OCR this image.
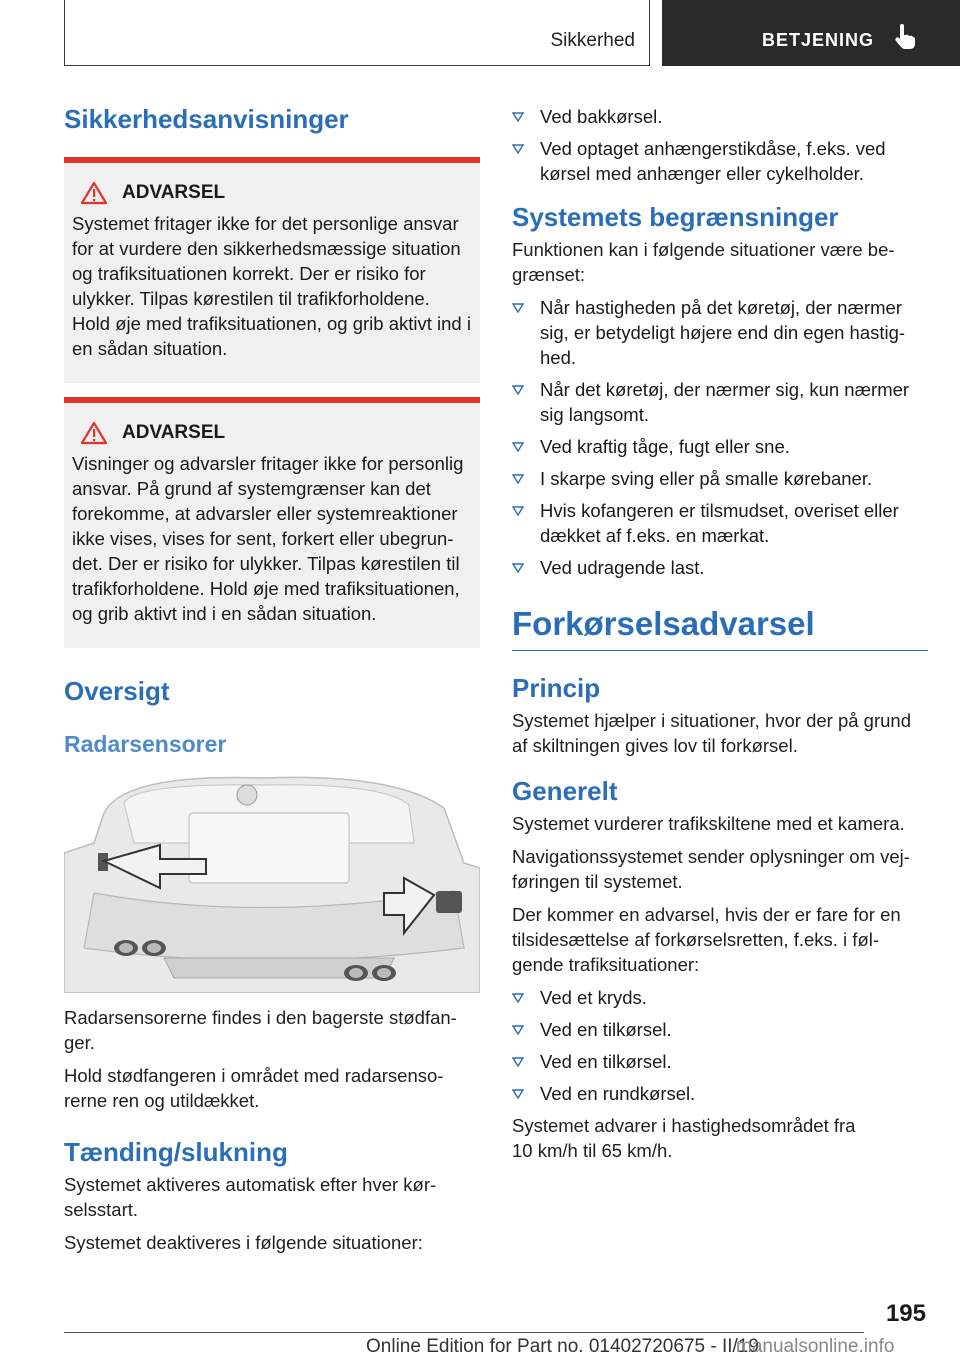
Sikkerhed	BETJENING
Sikkerhedsanvisninger
ADVARSEL

Systemet fritager ikke for det personlige ansvar for at vurdere den sikkerhedsmæssige situation og trafiksituationen korrekt. Der er risiko for ulykker. Tilpas kørestilen til trafikforholdene. Hold øje med trafiksituationen, og grib aktivt ind i en sådan situation.

ADVARSEL

Visninger og advarsler fritager ikke for personlig ansvar. På grund af systemgrænser kan det forekomme, at advarsler eller systemreaktioner ikke vises, vises for sent, forkert eller ubegrun-det. Der er risiko for ulykker. Tilpas kørestilen til trafikforholdene. Hold øje med trafiksituationen, og grib aktivt ind i en sådan situation.

Oversigt
Radarsensorer

Radarsensorerne findes i den bagerste stødfan-ger.

Hold stødfangeren i området med radarsenso-rerne ren og utildækket.

Tænding/slukning

Systemet aktiveres automatisk efter hver kør-selsstart.

Systemet deaktiveres i følgende situationer:

Ved bakkørsel.
Ved optaget anhængerstikdåse, f.eks. ved kørsel med anhænger eller cykelholder.
Systemets begrænsninger

Funktionen kan i følgende situationer være be-grænset:

Når hastigheden på det køretøj, der nærmer sig, er betydeligt højere end din egen hastig-hed.
Når det køretøj, der nærmer sig, kun nærmer sig langsomt.
Ved kraftig tåge, fugt eller sne.
I skarpe sving eller på smalle kørebaner.
Hvis kofangeren er tilsmudset, overiset eller dækket af f.eks. en mærkat.
Ved udragende last.
Forkørselsadvarsel
Princip

Systemet hjælper i situationer, hvor der på grund af skiltningen gives lov til forkørsel.

Generelt

Systemet vurderer trafikskiltene med et kamera.

Navigationssystemet sender oplysninger om vej-føringen til systemet.

Der kommer en advarsel, hvis der er fare for en tilsidesættelse af forkørselsretten, f.eks. i føl-gende trafiksituationer:

Ved et kryds.
Ved en tilkørsel.
Ved en tilkørsel.
Ved en rundkørsel.

Systemet advarer i hastighedsområdet fra 10 km/h til 65 km/h.

195
Online Edition for Part no. 01402720675 - II/19
manualsonline.info
